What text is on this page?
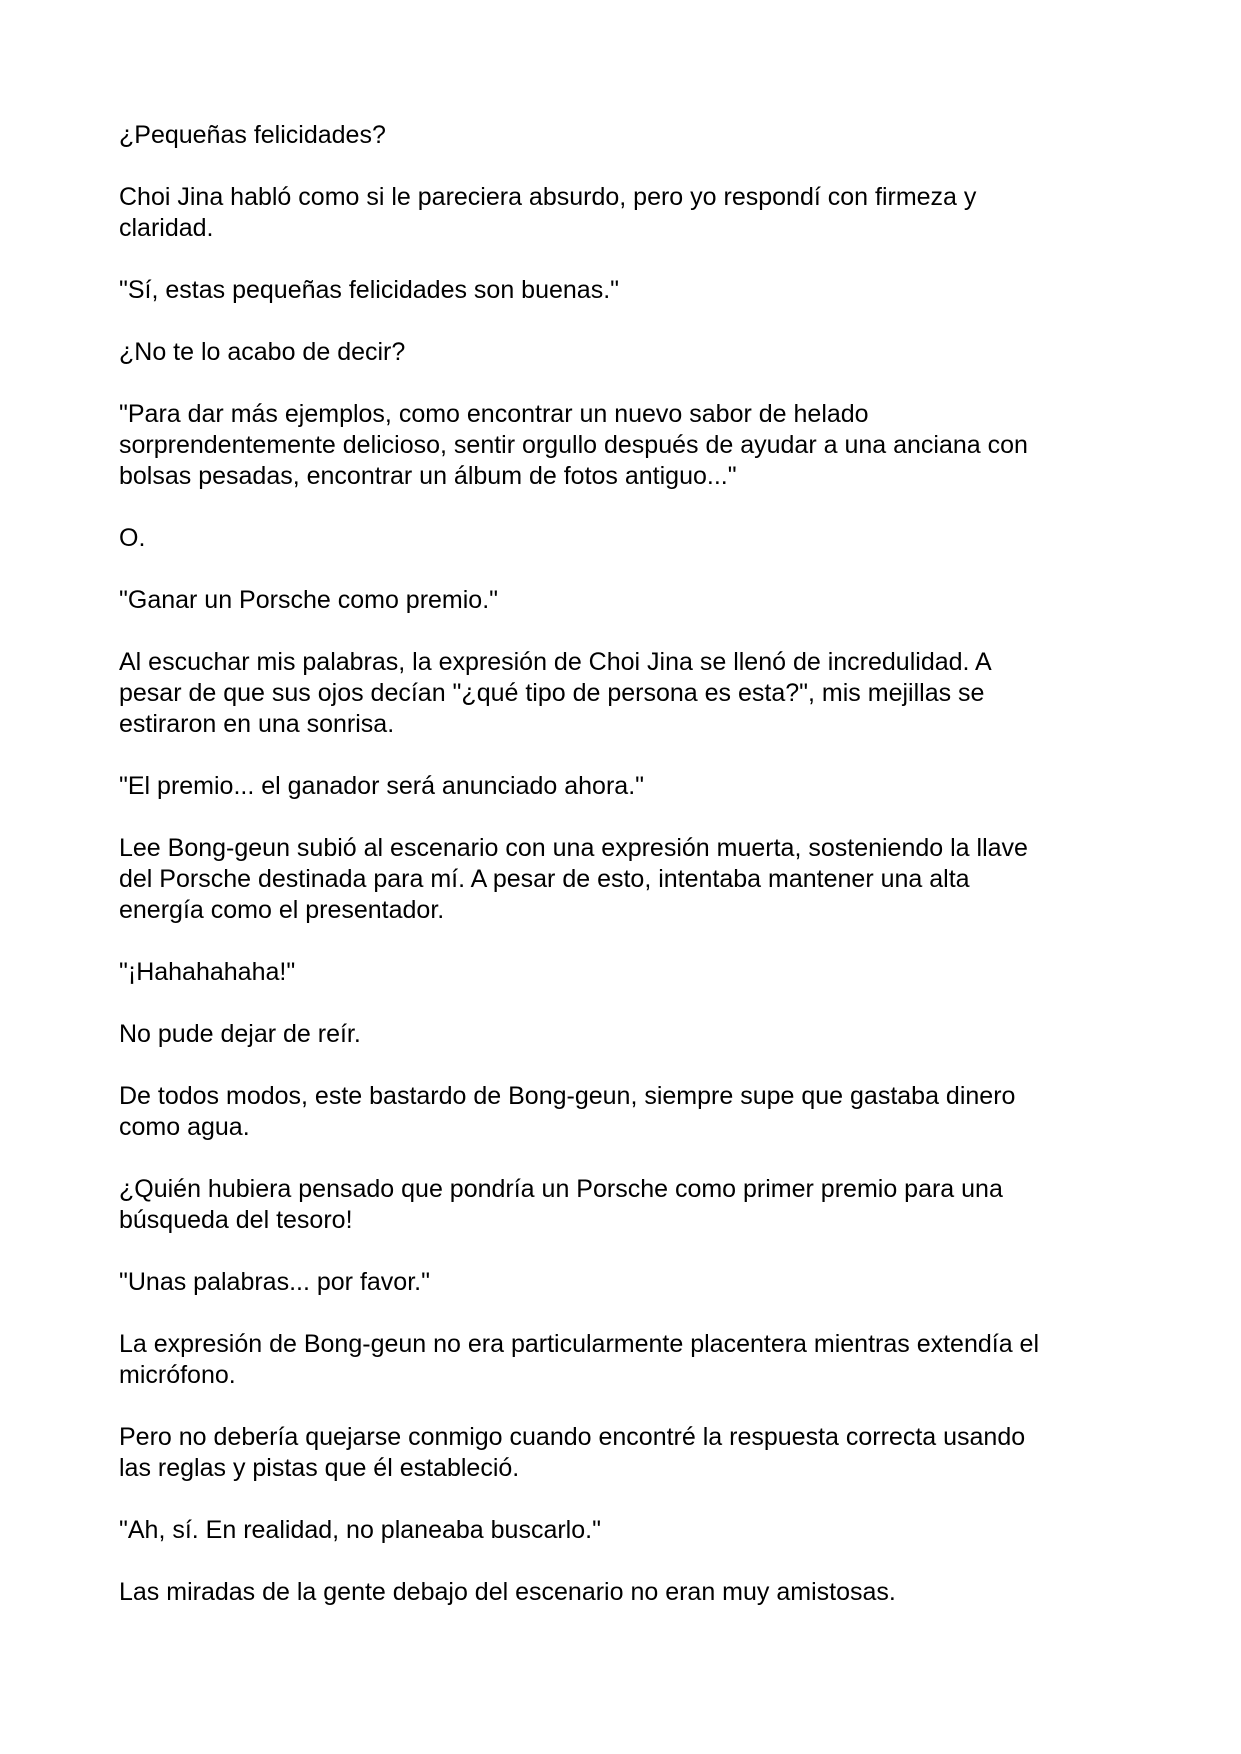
¿Pequeñas felicidades?

Choi Jina habló como si le pareciera absurdo, pero yo respondí con firmeza y
claridad.

"Sí, estas pequeñas felicidades son buenas."

¿No te lo acabo de decir?

"Para dar más ejemplos, como encontrar un nuevo sabor de helado
sorprendentemente delicioso, sentir orgullo después de ayudar a una anciana con
bolsas pesadas, encontrar un álbum de fotos antiguo..."

O.

"Ganar un Porsche como premio."

Al escuchar mis palabras, la expresión de Choi Jina se llenó de incredulidad. A
pesar de que sus ojos decían "¿qué tipo de persona es esta?", mis mejillas se
estiraron en una sonrisa.

"El premio... el ganador será anunciado ahora."

Lee Bong-geun subió al escenario con una expresión muerta, sosteniendo la llave
del Porsche destinada para mí. A pesar de esto, intentaba mantener una alta
energía como el presentador.

"¡Hahahahaha!"

No pude dejar de reír.

De todos modos, este bastardo de Bong-geun, siempre supe que gastaba dinero
como agua.

¿Quién hubiera pensado que pondría un Porsche como primer premio para una
búsqueda del tesoro!

"Unas palabras... por favor."

La expresión de Bong-geun no era particularmente placentera mientras extendía el
micrófono.

Pero no debería quejarse conmigo cuando encontré la respuesta correcta usando
las reglas y pistas que él estableció.

"Ah, sí. En realidad, no planeaba buscarlo."

Las miradas de la gente debajo del escenario no eran muy amistosas.
